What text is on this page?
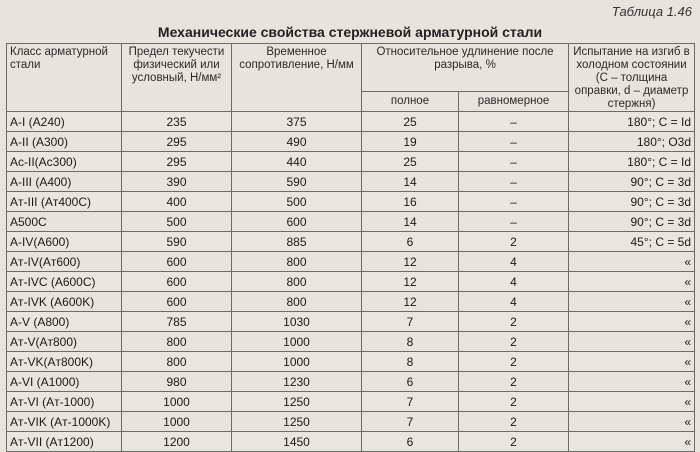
Таблица 1.46
Механические свойства стержневой арматурной стали
Класс арматурной стали	Предел текучести физический или условный, Н/мм²	Временное сопротивление, Н/мм	Относительное удлинение после разрыва, %		Испытание на изгиб в холодном состоянии (С – толщина оправки, d – диаметр стержня)
			полное	равномерное	
A-I (A240)	235	375	25	–	180°; C = Id
A-II (A300)	295	490	19	–	180°; O3d
Ac-II(Ac300)	295	440	25	–	180°; C = Id
A-III (A400)	390	590	14	–	90°; C = 3d
Aт-III (Aт400С)	400	500	16	–	90°; C = 3d
A500C	500	600	14	–	90°; C = 3d
A-IV(A600)	590	885	6	2	45°; C = 5d
Aт-IV(Aт600)	600	800	12	4	«
Aт-IVC (A600C)	600	800	12	4	«
Aт-IVK (A600K)	600	800	12	4	«
A-V (A800)	785	1030	7	2	«
Aт-V(Aт800)	800	1000	8	2	«
Aт-VK(Aт800K)	800	1000	8	2	«
A-VI (A1000)	980	1230	6	2	«
Aт-VI (Aт-1000)	1000	1250	7	2	«
Aт-VIK (Aт-1000K)	1000	1250	7	2	«
Aт-VII (Aт1200)	1200	1450	6	2	«
